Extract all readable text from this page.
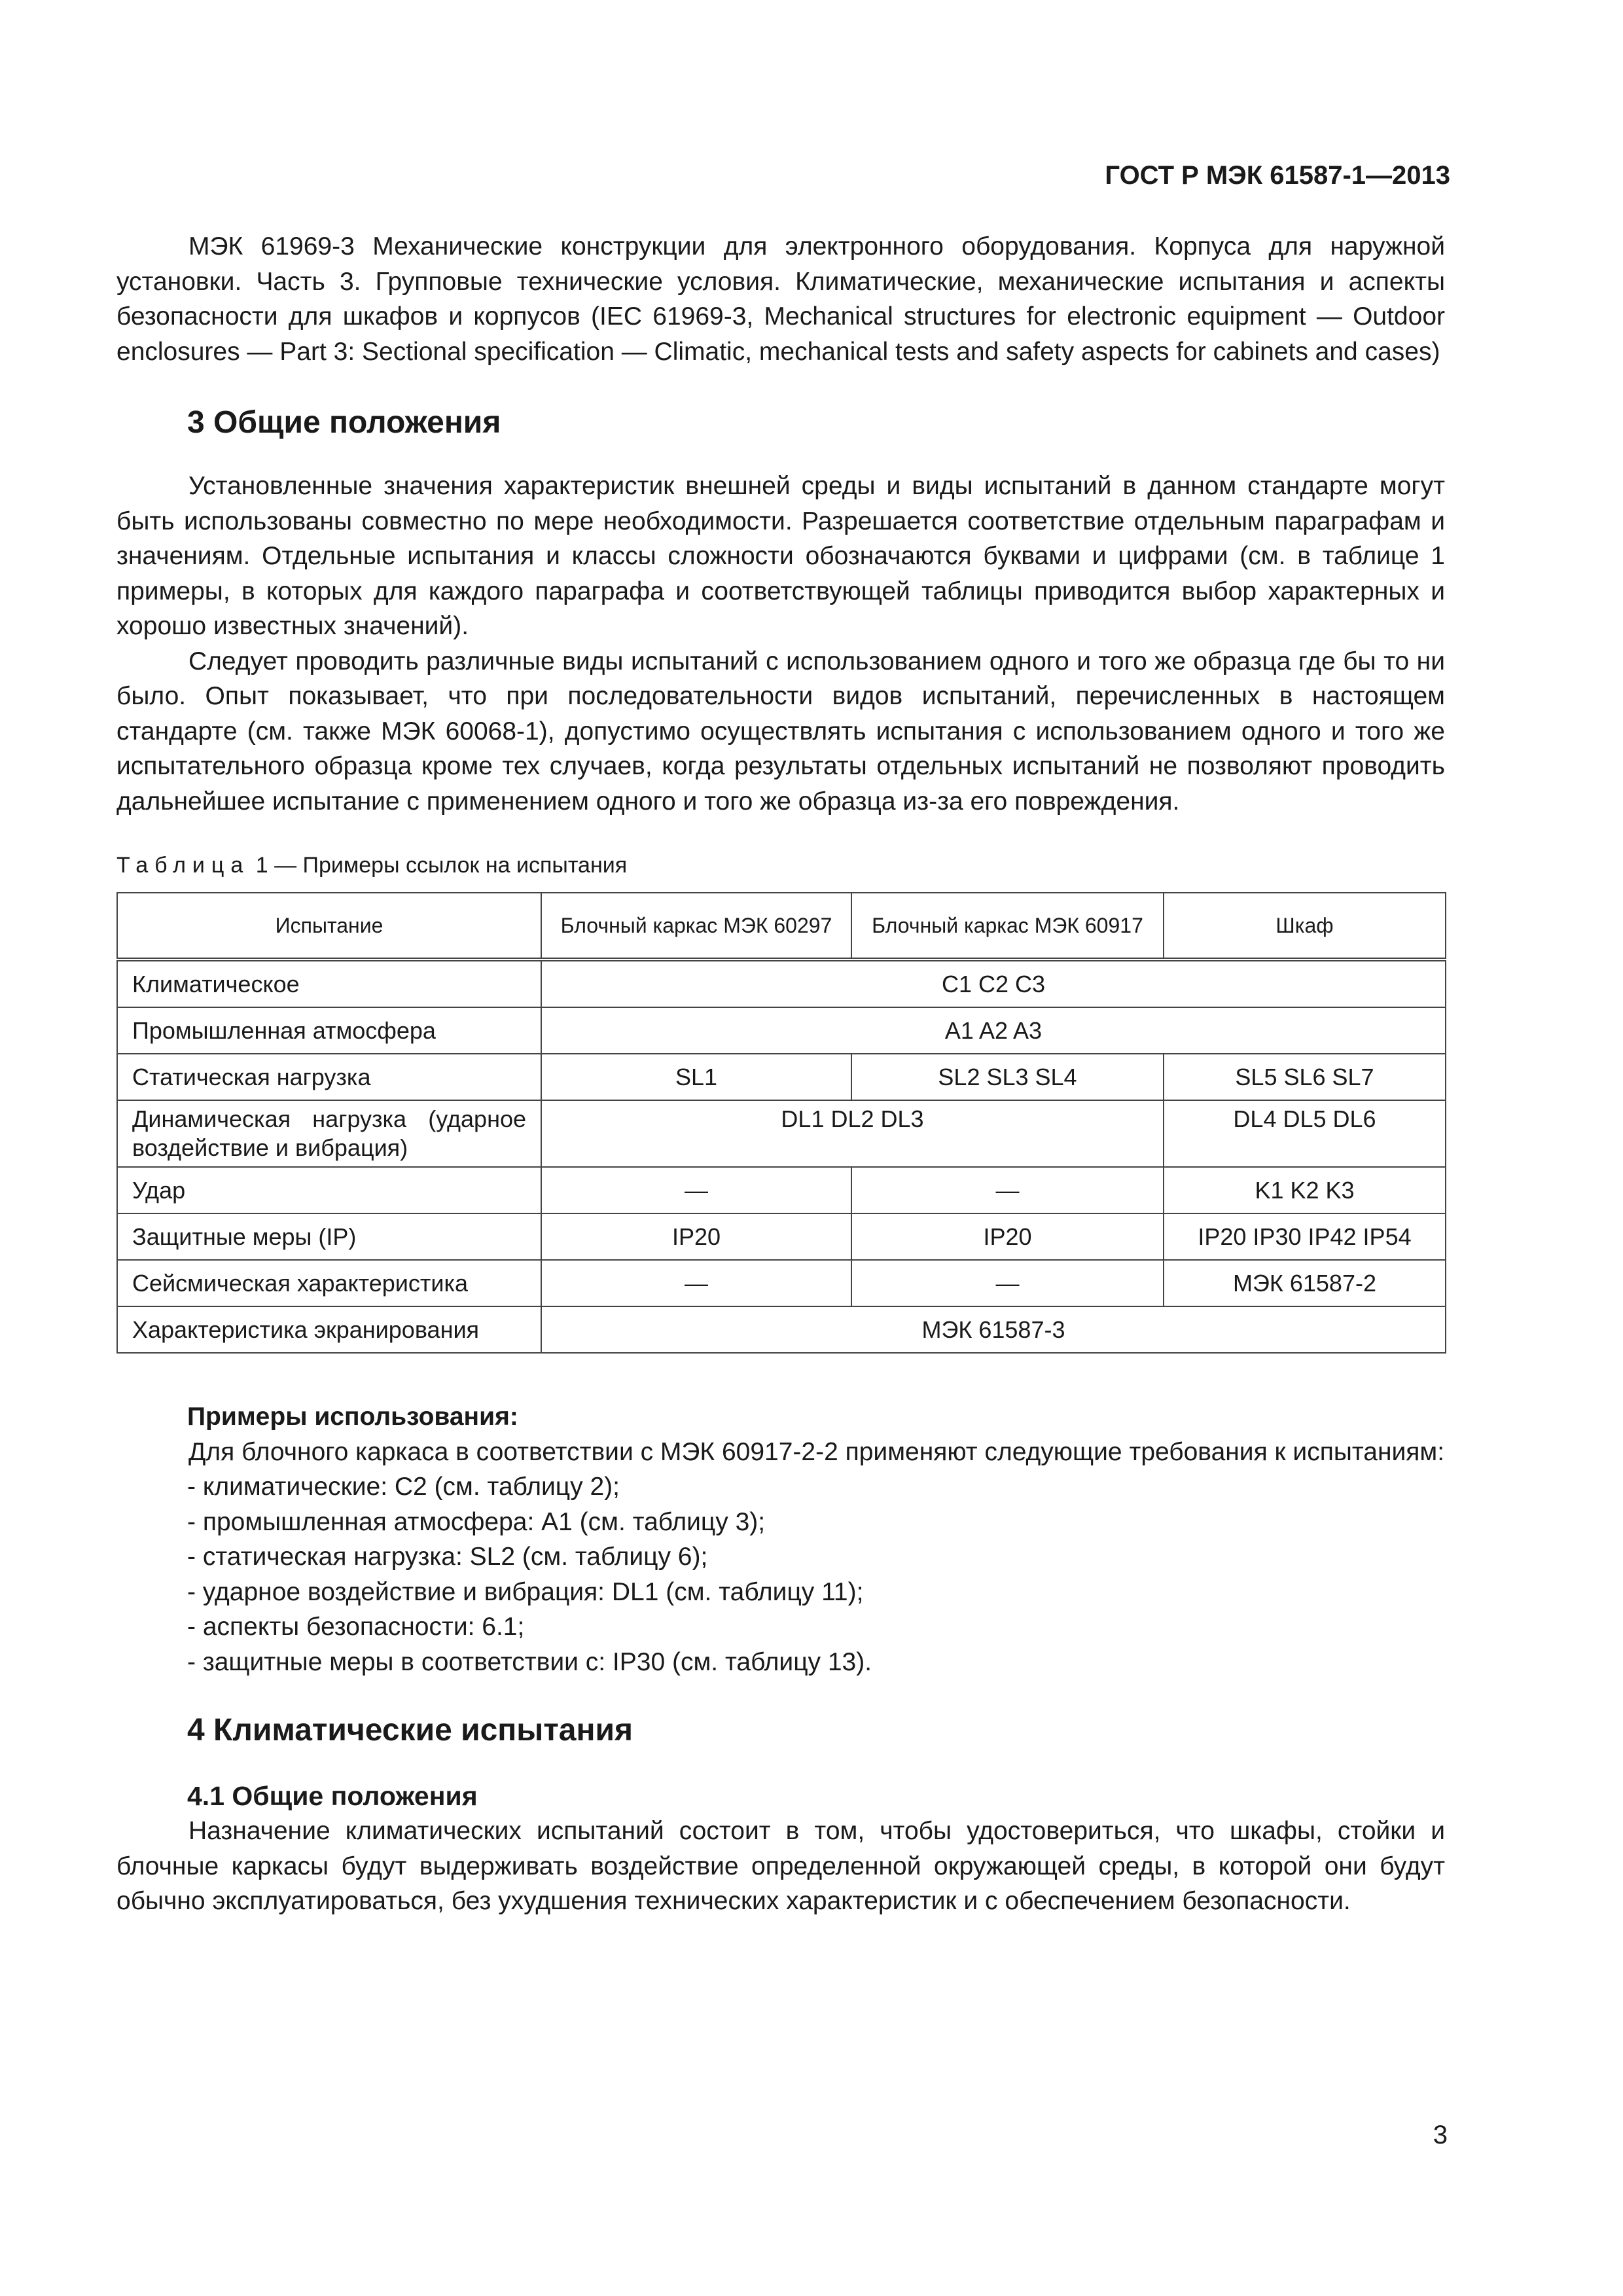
ГОСТ Р МЭК 61587-1—2013

МЭК 61969-3 Механические конструкции для электронного оборудования. Корпуса для наружной установки. Часть 3. Групповые технические условия. Климатические, механические испытания и аспекты безопасности для шкафов и корпусов (IEC 61969-3, Mechanical structures for electronic equipment — Outdoor enclosures — Part 3: Sectional specification — Climatic, mechanical tests and safety aspects for cabinets and cases)

3 Общие положения

Установленные значения характеристик внешней среды и виды испытаний в данном стандарте могут быть использованы совместно по мере необходимости. Разрешается соответствие отдельным параграфам и значениям. Отдельные испытания и классы сложности обозначаются буквами и цифрами (см. в таблице 1 примеры, в которых для каждого параграфа и соответствующей таблицы приводится выбор характерных и хорошо известных значений).

Следует проводить различные виды испытаний с использованием одного и того же образца где бы то ни было. Опыт показывает, что при последовательности видов испытаний, перечисленных в настоящем стандарте (см. также МЭК 60068-1), допустимо осуществлять испытания с использованием одного и того же испытательного образца кроме тех случаев, когда результаты отдельных испытаний не позволяют проводить дальнейшее испытание с применением одного и того же образца из-за его повреждения.

Таблица 1 — Примеры ссылок на испытания
Испытание	Блочный каркас МЭК 60297	Блочный каркас МЭК 60917	Шкаф
Климатическое	C1 C2 C3		
Промышленная атмосфера	A1 A2 A3		
Статическая нагрузка	SL1	SL2 SL3 SL4	SL5 SL6 SL7
Динамическая нагрузка (ударное воздействие и вибрация)	DL1 DL2 DL3		DL4 DL5 DL6
Удар	—	—	K1 K2 K3
Защитные меры (IP)	IP20	IP20	IP20 IP30 IP42 IP54
Сейсмическая характеристика	—	—	МЭК 61587-2
Характеристика экранирования	МЭК 61587-3		
Примеры использования:

Для блочного каркаса в соответствии с МЭК 60917-2-2 применяют следующие требования к испытаниям:

- климатические: C2 (см. таблицу 2);
- промышленная атмосфера: A1 (см. таблицу 3);
- статическая нагрузка: SL2 (см. таблицу 6);
- ударное воздействие и вибрация: DL1 (см. таблицу 11);
- аспекты безопасности: 6.1;
- защитные меры в соответствии с: IP30 (см. таблицу 13).
4 Климатические испытания
4.1 Общие положения

Назначение климатических испытаний состоит в том, чтобы удостовериться, что шкафы, стойки и блочные каркасы будут выдерживать воздействие определенной окружающей среды, в которой они будут обычно эксплуатироваться, без ухудшения технических характеристик и с обеспечением безопасности.

3
